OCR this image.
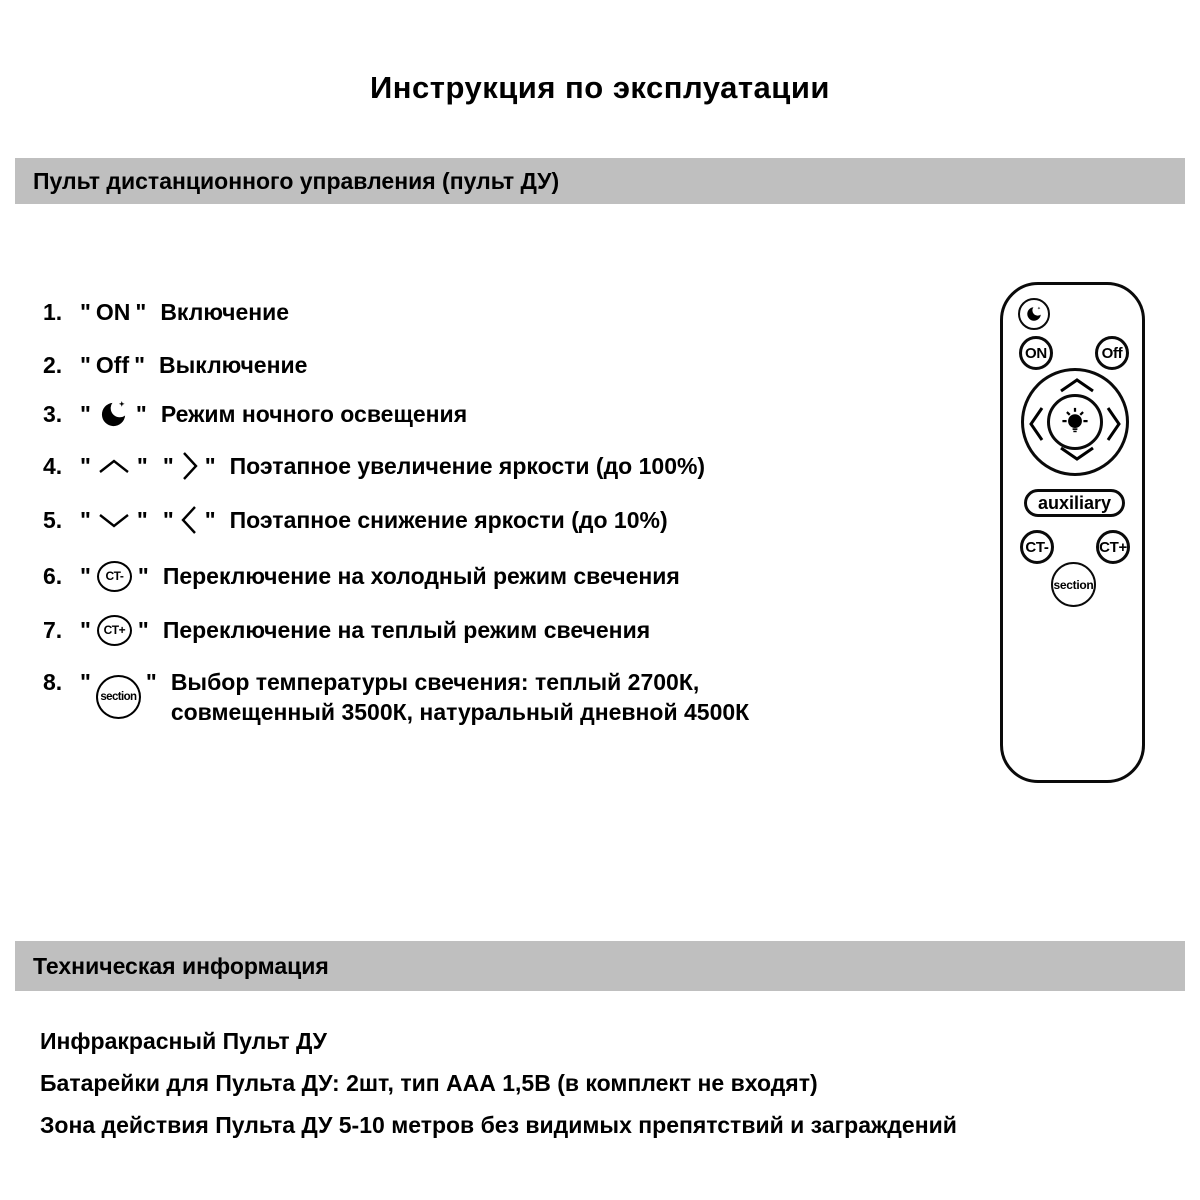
Инструкция по эксплуатации
Пульт дистанционного управления (пульт ДУ)
1. " ON " Включение
2. " Off " Выключение
3. " " Режим ночного освещения
4. " " " " Поэтапное увеличение яркости (до 100%)
5. " " " " Поэтапное снижение яркости (до 10%)
6. "	CT- " Переключение на холодный режим свечения
7. "	CT+ " Переключение на теплый режим свечения
8. "
section
" Выбор температуры свечения: теплый 2700К,
совмещенный 3500К, натуральный дневной 4500К
ON	Off
auxiliary
CT-	CT+
section
Техническая информация
Инфракрасный Пульт ДУ
Батарейки для Пульта ДУ: 2шт, тип ААА 1,5В (в комплект не входят)
Зона действия Пульта ДУ 5-10 метров без видимых препятствий и заграждений
